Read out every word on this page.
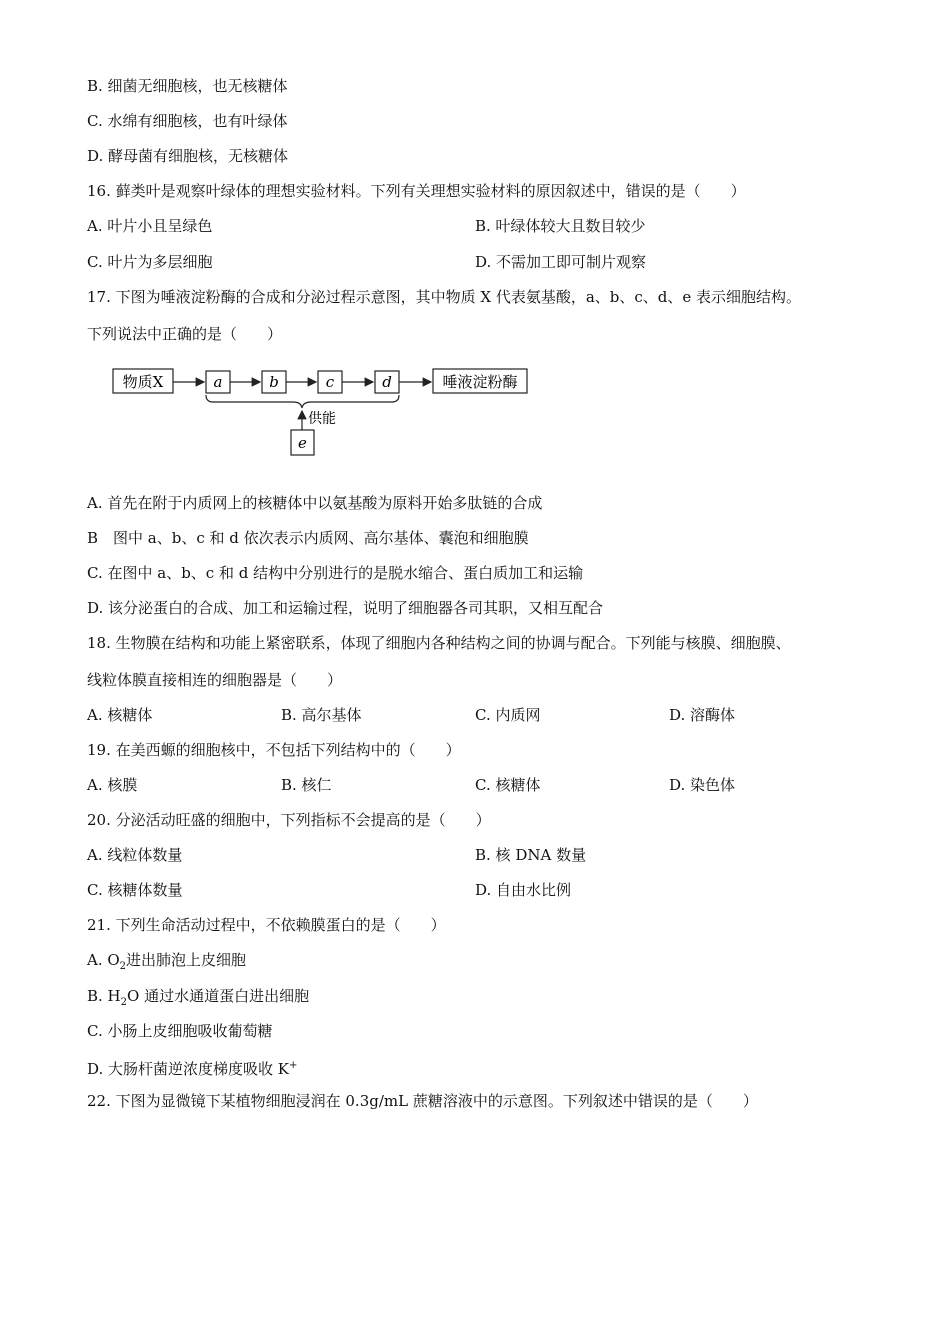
B. 细菌无细胞核，也无核糖体
C. 水绵有细胞核，也有叶绿体
D. 酵母菌有细胞核，无核糖体
16. 藓类叶是观察叶绿体的理想实验材料。下列有关理想实验材料的原因叙述中，错误的是（　　）
A. 叶片小且呈绿色	B. 叶绿体较大且数目较少
C. 叶片为多层细胞	D. 不需加工即可制片观察
17. 下图为唾液淀粉酶的合成和分泌过程示意图，其中物质 X 代表氨基酸，a、b、c、d、e 表示细胞结构。
下列说法中正确的是（　　）
物质X	a	b	c	d	唾液淀粉酶
供能
e
A. 首先在附于内质网上的核糖体中以氨基酸为原料开始多肽链的合成
B　图中 a、b、c 和 d 依次表示内质网、高尔基体、囊泡和细胞膜
C. 在图中 a、b、c 和 d 结构中分别进行的是脱水缩合、蛋白质加工和运输
D. 该分泌蛋白的合成、加工和运输过程，说明了细胞器各司其职，又相互配合
18. 生物膜在结构和功能上紧密联系，体现了细胞内各种结构之间的协调与配合。下列能与核膜、细胞膜、
线粒体膜直接相连的细胞器是（　　）
A. 核糖体	B. 高尔基体	C. 内质网	D. 溶酶体
19. 在美西螈的细胞核中，不包括下列结构中的（　　）
A. 核膜	B. 核仁	C. 核糖体	D. 染色体
20. 分泌活动旺盛的细胞中，下列指标不会提高的是（　　）
A. 线粒体数量	B. 核 DNA 数量
C. 核糖体数量	D. 自由水比例
21. 下列生命活动过程中，不依赖膜蛋白的是（　　）
A. $O_2$进出肺泡上皮细胞
B. $H_2O$ 通过水通道蛋白进出细胞
C. 小肠上皮细胞吸收葡萄糖
D. 大肠杆菌逆浓度梯度吸收 K+
22. 下图为显微镜下某植物细胞浸润在 0.3g/mL 蔗糖溶液中的示意图。下列叙述中错误的是（　　）
